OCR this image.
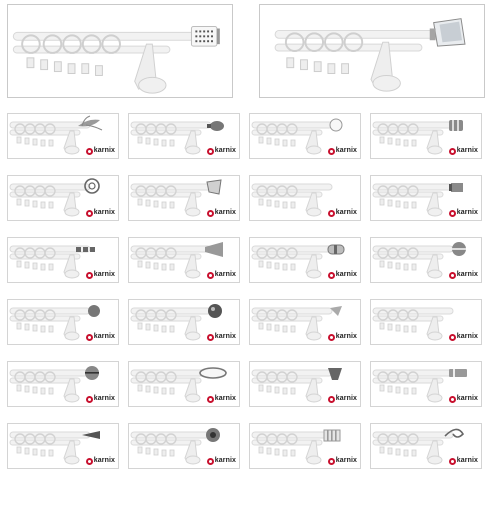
karnix	karnix	karnix	karnix
karnix	karnix	karnix	karnix
karnix	karnix	karnix	karnix
karnix	karnix	karnix	karnix
karnix	karnix	karnix	karnix
karnix	karnix	karnix	karnix
